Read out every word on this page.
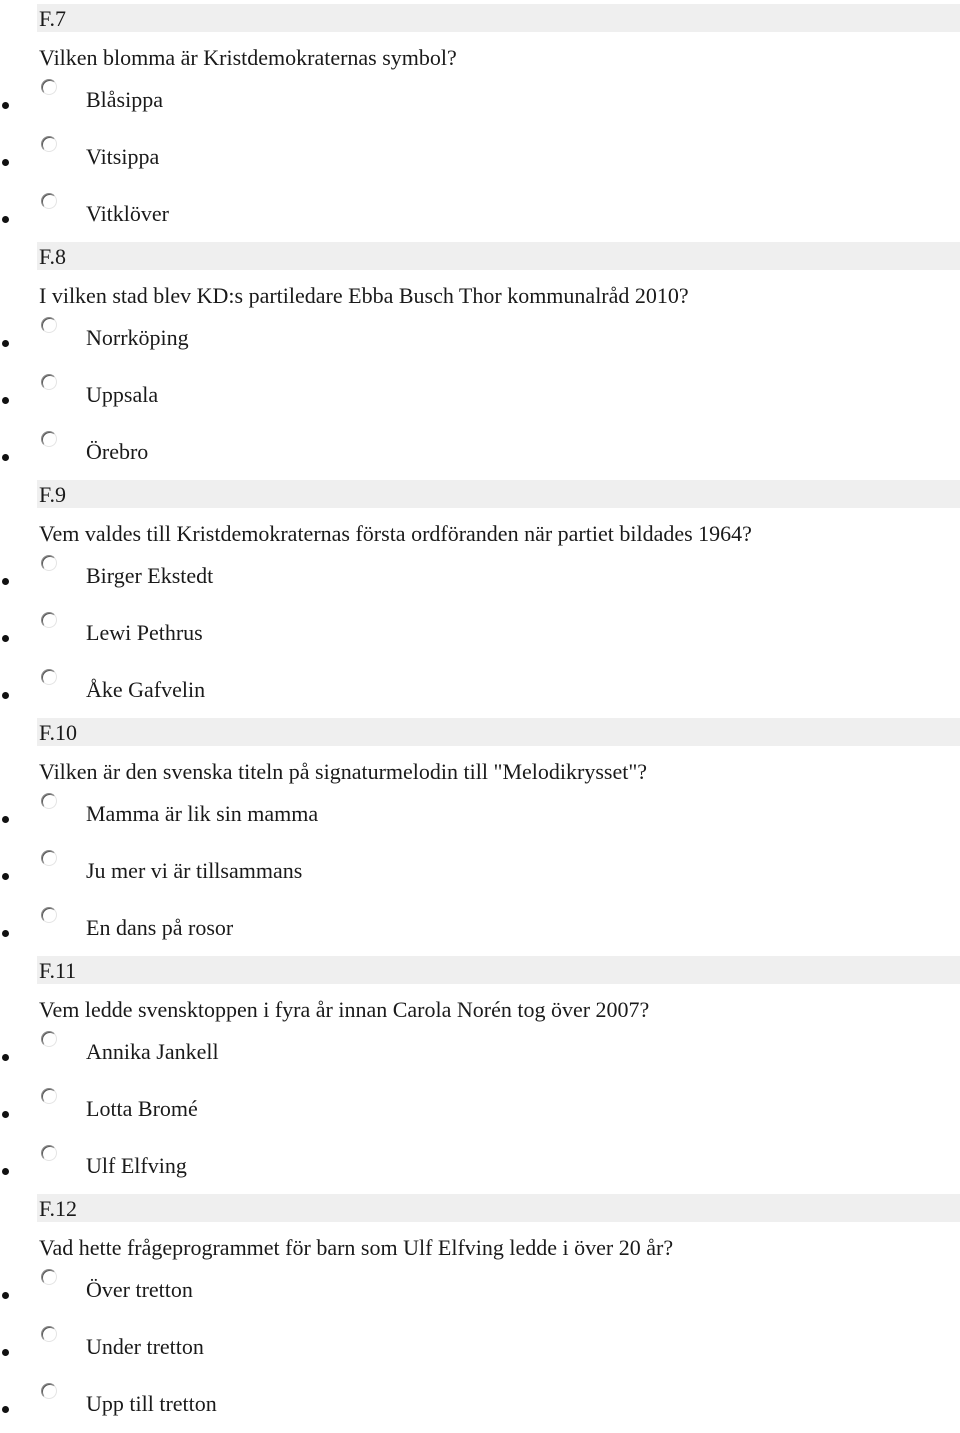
F.7
Vilken blomma är Kristdemokraternas symbol?
Blåsippa
Vitsippa
Vitklöver
F.8
I vilken stad blev KD:s partiledare Ebba Busch Thor kommunalråd 2010?
Norrköping
Uppsala
Örebro
F.9
Vem valdes till Kristdemokraternas första ordföranden när partiet bildades 1964?
Birger Ekstedt
Lewi Pethrus
Åke Gafvelin
F.10
Vilken är den svenska titeln på signaturmelodin till "Melodikrysset"?
Mamma är lik sin mamma
Ju mer vi är tillsammans
En dans på rosor
F.11
Vem ledde svensktoppen i fyra år innan Carola Norén tog över 2007?
Annika Jankell
Lotta Bromé
Ulf Elfving
F.12
Vad hette frågeprogrammet för barn som Ulf Elfving ledde i över 20 år?
Över tretton
Under tretton
Upp till tretton
